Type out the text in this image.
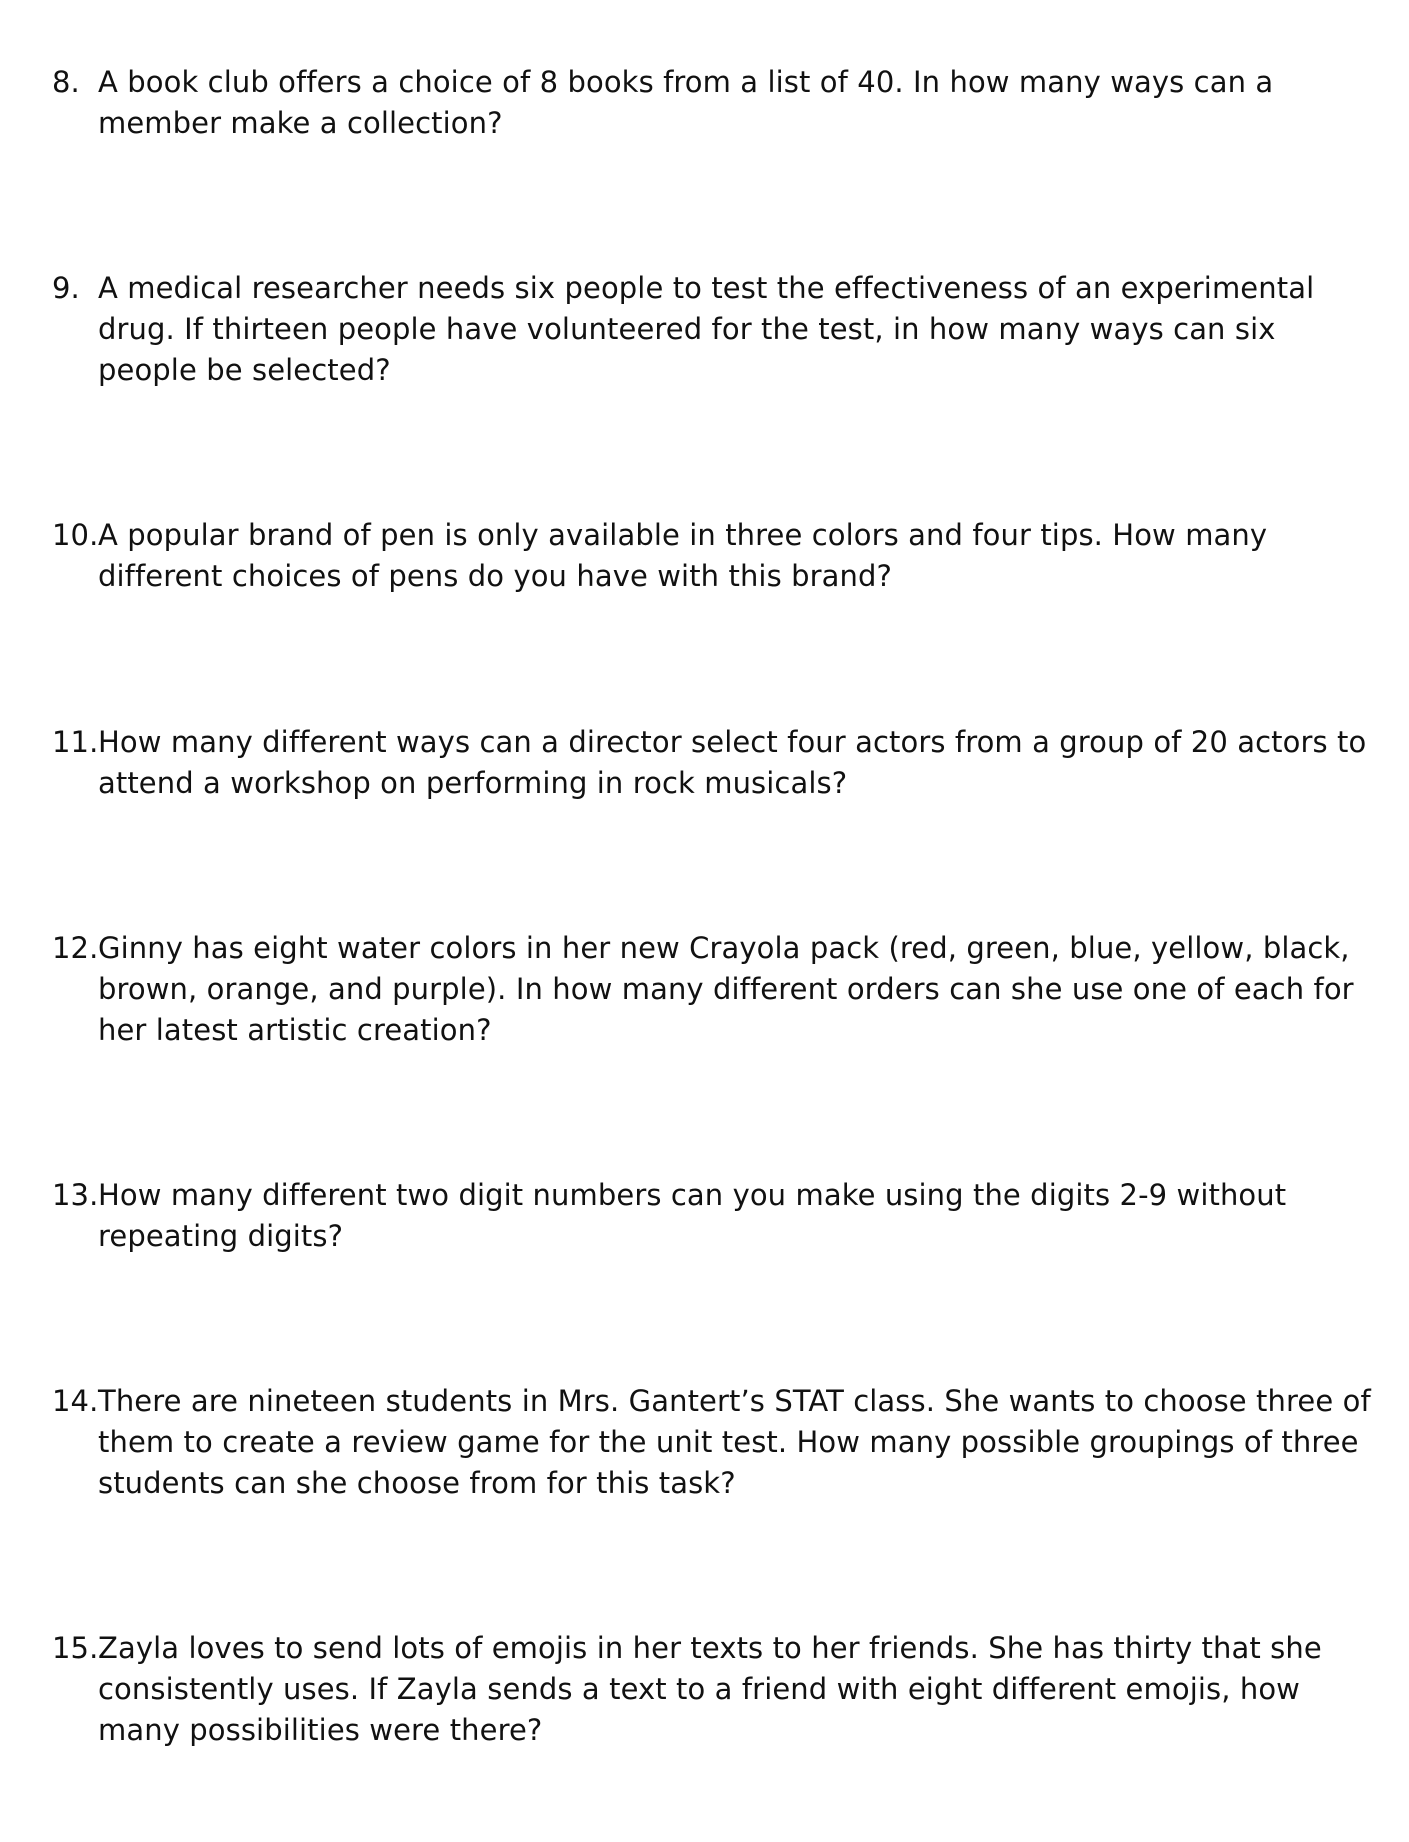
8. A book club offers a choice of 8 books from a list of 40. In how many ways can a member make a collection?
9. A medical researcher needs six people to test the effectiveness of an experimental drug. If thirteen people have volunteered for the test, in how many ways can six people be selected?
10. A popular brand of pen is only available in three colors and four tips. How many different choices of pens do you have with this brand?
11. How many different ways can a director select four actors from a group of 20 actors to attend a workshop on performing in rock musicals?
12. Ginny has eight water colors in her new Crayola pack (red, green, blue, yellow, black, brown, orange, and purple). In how many different orders can she use one of each for her latest artistic creation?
13. How many different two digit numbers can you make using the digits 2-9 without repeating digits?
14. There are nineteen students in Mrs. Gantert’s STAT class. She wants to choose three of them to create a review game for the unit test. How many possible groupings of three students can she choose from for this task?
15. Zayla loves to send lots of emojis in her texts to her friends. She has thirty that she consistently uses. If Zayla sends a text to a friend with eight different emojis, how many possibilities were there?
